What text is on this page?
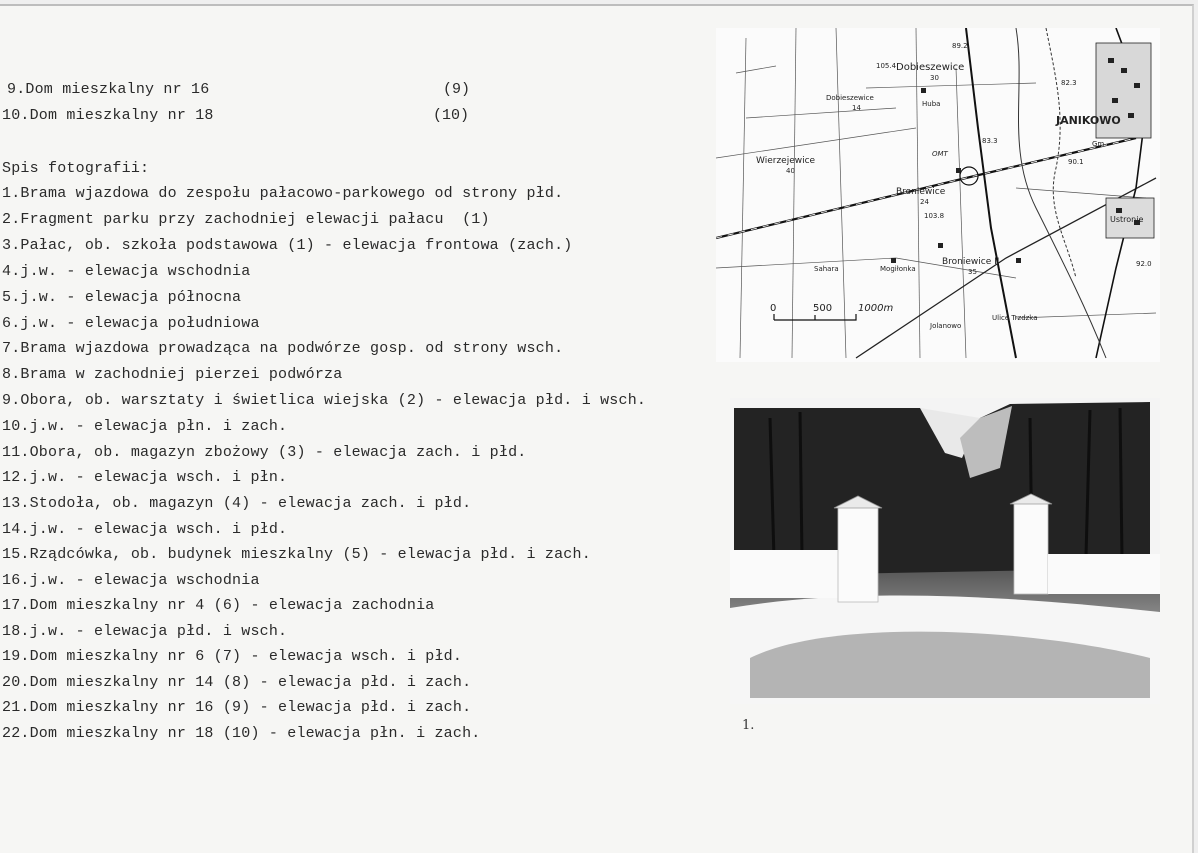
9.Dom mieszkalny nr 16	(9)
10.Dom mieszkalny nr 18	(10)
Spis fotografii:
1.Brama wjazdowa do zespołu pałacowo-parkowego od strony płd.
2.Fragment parku przy zachodniej elewacji pałacu  (1)
3.Pałac, ob. szkoła podstawowa (1) - elewacja frontowa (zach.)
4.j.w. - elewacja wschodnia
5.j.w. - elewacja północna
6.j.w. - elewacja południowa
7.Brama wjazdowa prowadząca na podwórze gosp. od strony wsch.
8.Brama w zachodniej pierzei podwórza
9.Obora, ob. warsztaty i świetlica wiejska (2) - elewacja płd. i wsch.
10.j.w. - elewacja płn. i zach.
11.Obora, ob. magazyn zbożowy (3) - elewacja zach. i płd.
12.j.w. - elewacja wsch. i płn.
13.Stodoła, ob. magazyn (4) - elewacja zach. i płd.
14.j.w. - elewacja wsch. i płd.
15.Rządcówka, ob. budynek mieszkalny (5) - elewacja płd. i zach.
16.j.w. - elewacja wschodnia
17.Dom mieszkalny nr 4 (6) - elewacja zachodnia
18.j.w. - elewacja płd. i wsch.
19.Dom mieszkalny nr 6 (7) - elewacja wsch. i płd.
20.Dom mieszkalny nr 14 (8) - elewacja płd. i zach.
21.Dom mieszkalny nr 16 (9) - elewacja płd. i zach.
22.Dom mieszkalny nr 18 (10) - elewacja płn. i zach.
Dobieszewice
Dobieszewice
JANIKOWO
Wierzejewice
Broniewice
Broniewice II
Ustronie
Sahara	Mogiłonka
Ulice Trzdzka
Jolanowo
Huba
105.4
30
14
82.3
83.3
40
24
103.8
35
90.1
92.0
89.2
0	500	1000m
OMT
Gm
1.
